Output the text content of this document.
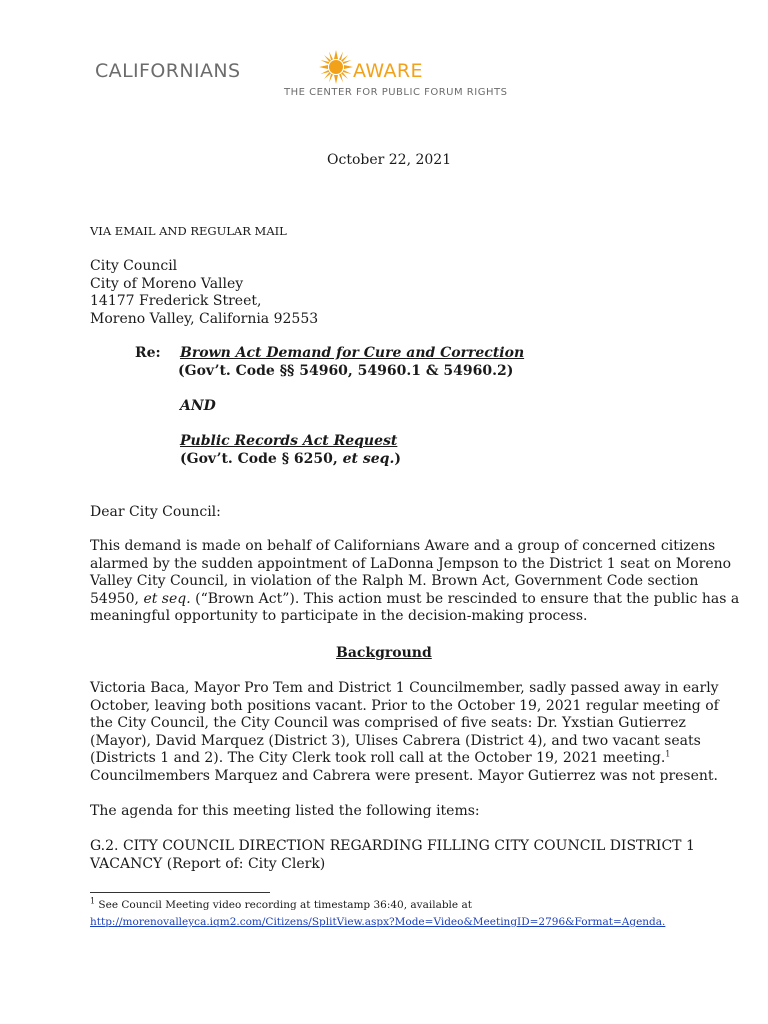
CALIFORNIANS	AWARE
THE CENTER FOR PUBLIC FORUM RIGHTS
October 22, 2021
VIA EMAIL AND REGULAR MAIL
City Council
City of Moreno Valley
14177 Frederick Street,
Moreno Valley, California 92553
Re: Brown Act Demand for Cure and Correction
(Gov’t. Code §§ 54960, 54960.1 & 54960.2)
AND
Public Records Act Request
(Gov’t. Code § 6250, et seq.)
Dear City Council:
This demand is made on behalf of Californians Aware and a group of concerned citizens
alarmed by the sudden appointment of LaDonna Jempson to the District 1 seat on Moreno
Valley City Council, in violation of the Ralph M. Brown Act, Government Code section
54950, et seq. (“Brown Act”). This action must be rescinded to ensure that the public has a
meaningful opportunity to participate in the decision-making process.
Background
Victoria Baca, Mayor Pro Tem and District 1 Councilmember, sadly passed away in early
October, leaving both positions vacant. Prior to the October 19, 2021 regular meeting of
the City Council, the City Council was comprised of five seats: Dr. Yxstian Gutierrez
(Mayor), David Marquez (District 3), Ulises Cabrera (District 4), and two vacant seats
(Districts 1 and 2). The City Clerk took roll call at the October 19, 2021 meeting.$^1$
Councilmembers Marquez and Cabrera were present. Mayor Gutierrez was not present.
The agenda for this meeting listed the following items:
G.2. CITY COUNCIL DIRECTION REGARDING FILLING CITY COUNCIL DISTRICT 1
VACANCY (Report of: City Clerk)
$^1$ See Council Meeting video recording at timestamp 36:40, available at
http://morenovalleyca.iqm2.com/Citizens/SplitView.aspx?Mode=Video&MeetingID=2796&Format=Agenda.
